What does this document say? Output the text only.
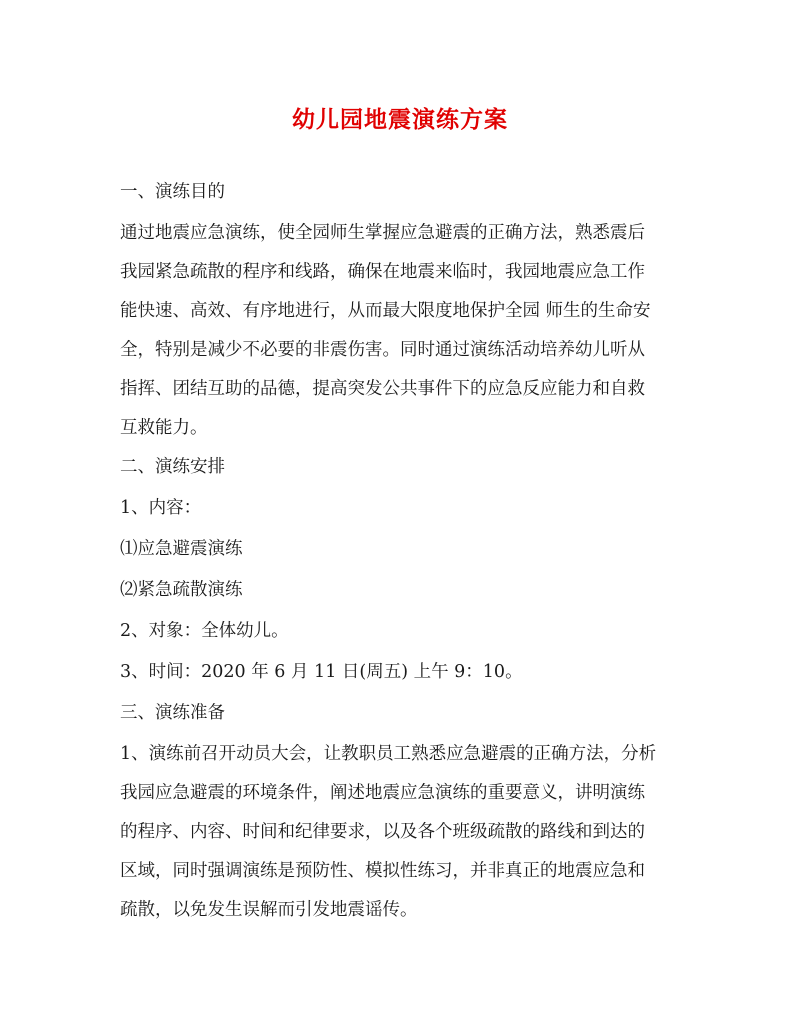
幼儿园地震演练方案
一、演练目的
通过地震应急演练，使全园师生掌握应急避震的正确方法，熟悉震后
我园紧急疏散的程序和线路，确保在地震来临时，我园地震应急工作
能快速、高效、有序地进行，从而最大限度地保护全园 师生的生命安
全，特别是减少不必要的非震伤害。同时通过演练活动培养幼儿听从
指挥、团结互助的品德，提高突发公共事件下的应急反应能力和自救
互救能力。
二、演练安排
1、内容：
⑴应急避震演练
⑵紧急疏散演练
2、对象：全体幼儿。
3、时间：2020 年 6 月 11 日(周五) 上午 9：10。
三、演练准备
1、演练前召开动员大会，让教职员工熟悉应急避震的正确方法，分析
我园应急避震的环境条件，阐述地震应急演练的重要意义，讲明演练
的程序、内容、时间和纪律要求，以及各个班级疏散的路线和到达的
区域，同时强调演练是预防性、模拟性练习，并非真正的地震应急和
疏散，以免发生误解而引发地震谣传。
